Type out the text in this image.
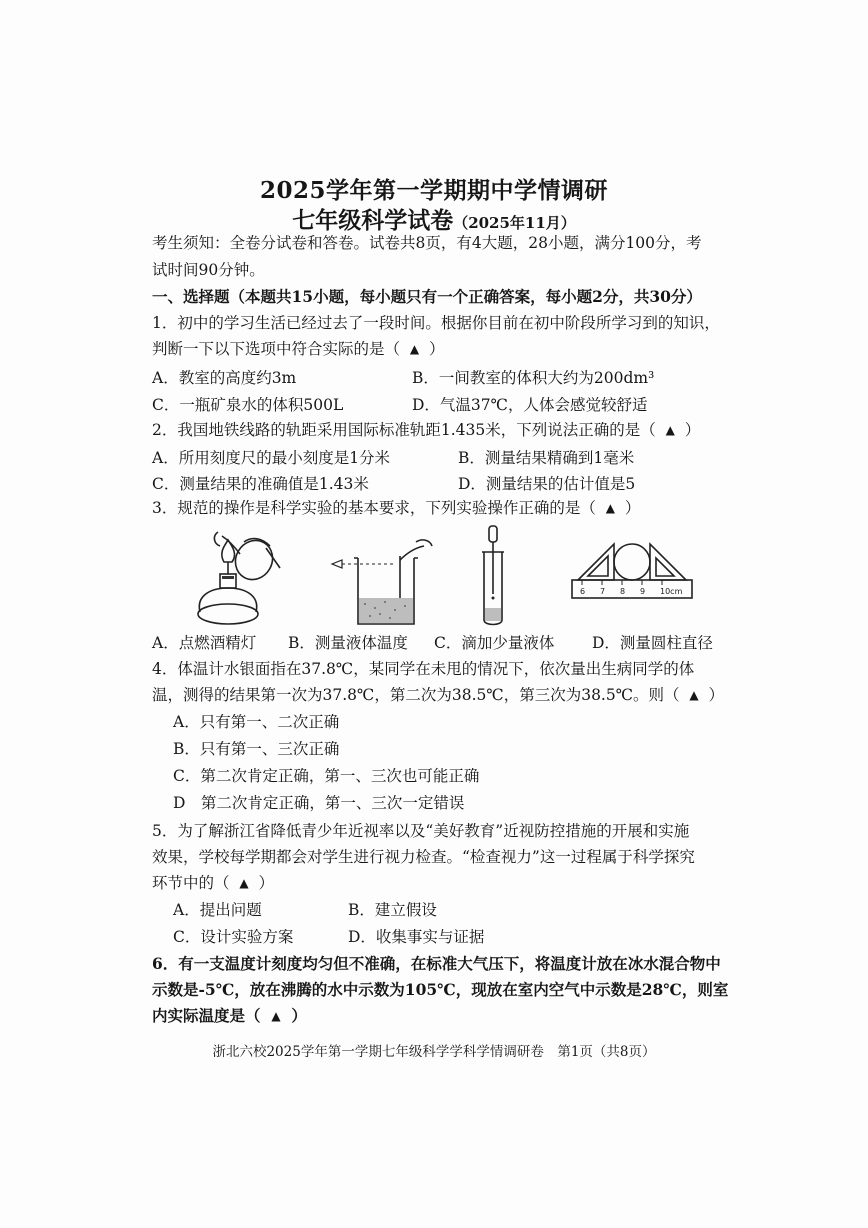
2025学年第一学期期中学情调研
七年级科学试卷（2025年11月）
考生须知：全卷分试卷和答卷。试卷共8页，有4大题，28小题，满分100分，考
试时间90分钟。
一、选择题（本题共15小题，每小题只有一个正确答案，每小题2分，共30分）
1．初中的学习生活已经过去了一段时间。根据你目前在初中阶段所学习到的知识，
判断一下以下选项中符合实际的是（ ▲ ）
A．教室的高度约3m	B．一间教室的体积大约为200dm³
C．一瓶矿泉水的体积500L	D．气温37℃，人体会感觉较舒适
2．我国地铁线路的轨距采用国际标准轨距1.435米，下列说法正确的是（ ▲ ）
A．所用刻度尺的最小刻度是1分米	B．测量结果精确到1毫米
C．测量结果的准确值是1.43米	D．测量结果的估计值是5
3．规范的操作是科学实验的基本要求，下列实验操作正确的是（ ▲ ）
6 7 8 9 10cm
A．点燃酒精灯 B．测量液体温度 C．滴加少量液体 D．测量圆柱直径
4．体温计水银面指在37.8℃，某同学在未甩的情况下，依次量出生病同学的体
温，测得的结果第一次为37.8℃，第二次为38.5℃，第三次为38.5℃。则（ ▲ ）
A．只有第一、二次正确
B．只有第一、三次正确
C．第二次肯定正确，第一、三次也可能正确
D　第二次肯定正确，第一、三次一定错误
5．为了解浙江省降低青少年近视率以及“美好教育”近视防控措施的开展和实施
效果，学校每学期都会对学生进行视力检查。“检查视力”这一过程属于科学探究
环节中的（ ▲ ）
A．提出问题	B．建立假设
C．设计实验方案	D．收集事实与证据
6．有一支温度计刻度均匀但不准确，在标准大气压下，将温度计放在冰水混合物中
示数是-5℃，放在沸腾的水中示数为105℃，现放在室内空气中示数是28℃，则室
内实际温度是（ ▲ ）
浙北六校2025学年第一学期七年级科学学科学情调研卷　第1页（共8页）
